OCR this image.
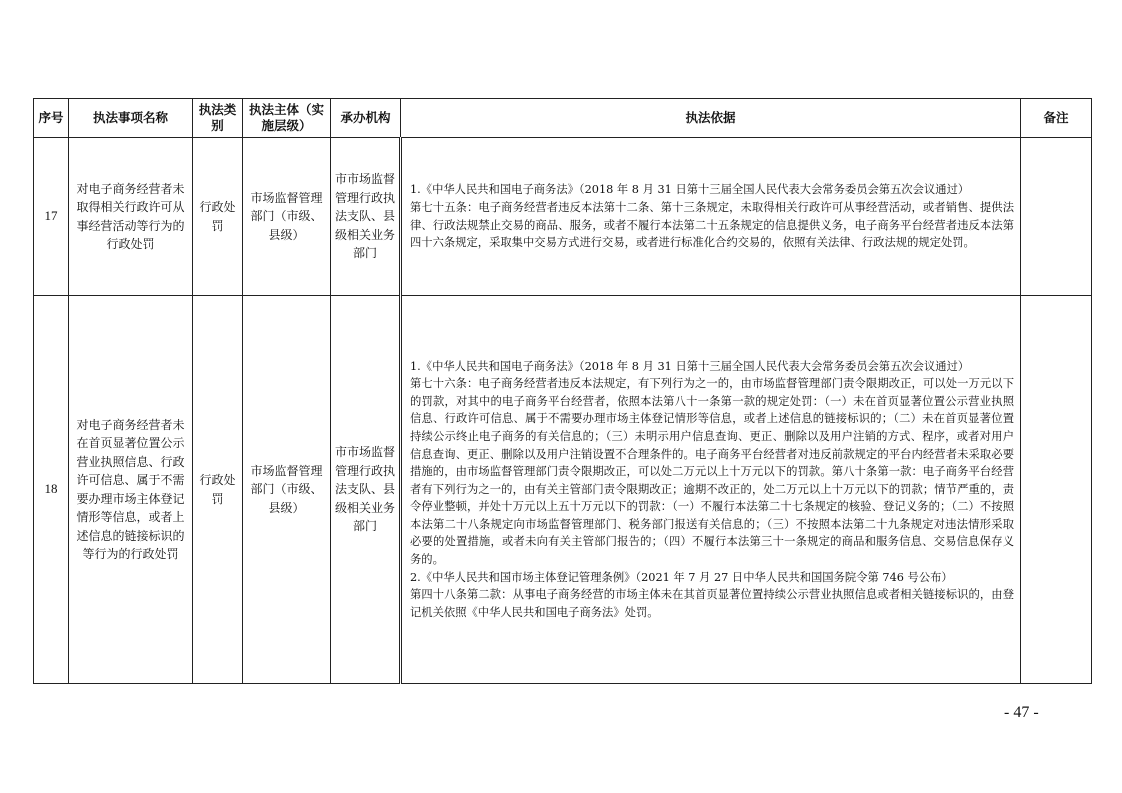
序号	执法事项名称	执法类别	执法主体（实施层级）	承办机构	执法依据	备注
17	对电子商务经营者未取得相关行政许可从事经营活动等行为的行政处罚	行政处罚	市场监督管理部门（市级、县级）	市市场监督管理行政执法支队、县级相关业务部门	1.《中华人民共和国电子商务法》（2018 年 8 月 31 日第十三届全国人民代表大会常务委员会第五次会议通过）

第七十五条：电子商务经营者违反本法第十二条、第十三条规定，未取得相关行政许可从事经营活动，或者销售、提供法律、行政法规禁止交易的商品、服务，或者不履行本法第二十五条规定的信息提供义务，电子商务平台经营者违反本法第四十六条规定，采取集中交易方式进行交易，或者进行标准化合约交易的，依照有关法律、行政法规的规定处罚。	

18	对电子商务经营者未在首页显著位置公示营业执照信息、行政许可信息、属于不需要办理市场主体登记情形等信息，或者上述信息的链接标识的等行为的行政处罚	行政处罚	市场监督管理部门（市级、县级）	市市场监督管理行政执法支队、县级相关业务部门	1.《中华人民共和国电子商务法》（2018 年 8 月 31 日第十三届全国人民代表大会常务委员会第五次会议通过）

第七十六条：电子商务经营者违反本法规定，有下列行为之一的，由市场监督管理部门责令限期改正，可以处一万元以下的罚款，对其中的电子商务平台经营者，依照本法第八十一条第一款的规定处罚：（一）未在首页显著位置公示营业执照信息、行政许可信息、属于不需要办理市场主体登记情形等信息，或者上述信息的链接标识的；（二）未在首页显著位置持续公示终止电子商务的有关信息的；（三）未明示用户信息查询、更正、删除以及用户注销的方式、程序，或者对用户信息查询、更正、删除以及用户注销设置不合理条件的。电子商务平台经营者对违反前款规定的平台内经营者未采取必要措施的，由市场监督管理部门责令限期改正，可以处二万元以上十万元以下的罚款。第八十条第一款：电子商务平台经营者有下列行为之一的，由有关主管部门责令限期改正；逾期不改正的，处二万元以上十万元以下的罚款；情节严重的，责令停业整顿，并处十万元以上五十万元以下的罚款：（一）不履行本法第二十七条规定的核验、登记义务的；（二）不按照本法第二十八条规定向市场监督管理部门、税务部门报送有关信息的；（三）不按照本法第二十九条规定对违法情形采取必要的处置措施，或者未向有关主管部门报告的；（四）不履行本法第三十一条规定的商品和服务信息、交易信息保存义务的。

2.《中华人民共和国市场主体登记管理条例》（2021 年 7 月 27 日中华人民共和国国务院令第 746 号公布）

第四十八条第二款：从事电子商务经营的市场主体未在其首页显著位置持续公示营业执照信息或者相关链接标识的，由登记机关依照《中华人民共和国电子商务法》处罚。	

- 47 -
